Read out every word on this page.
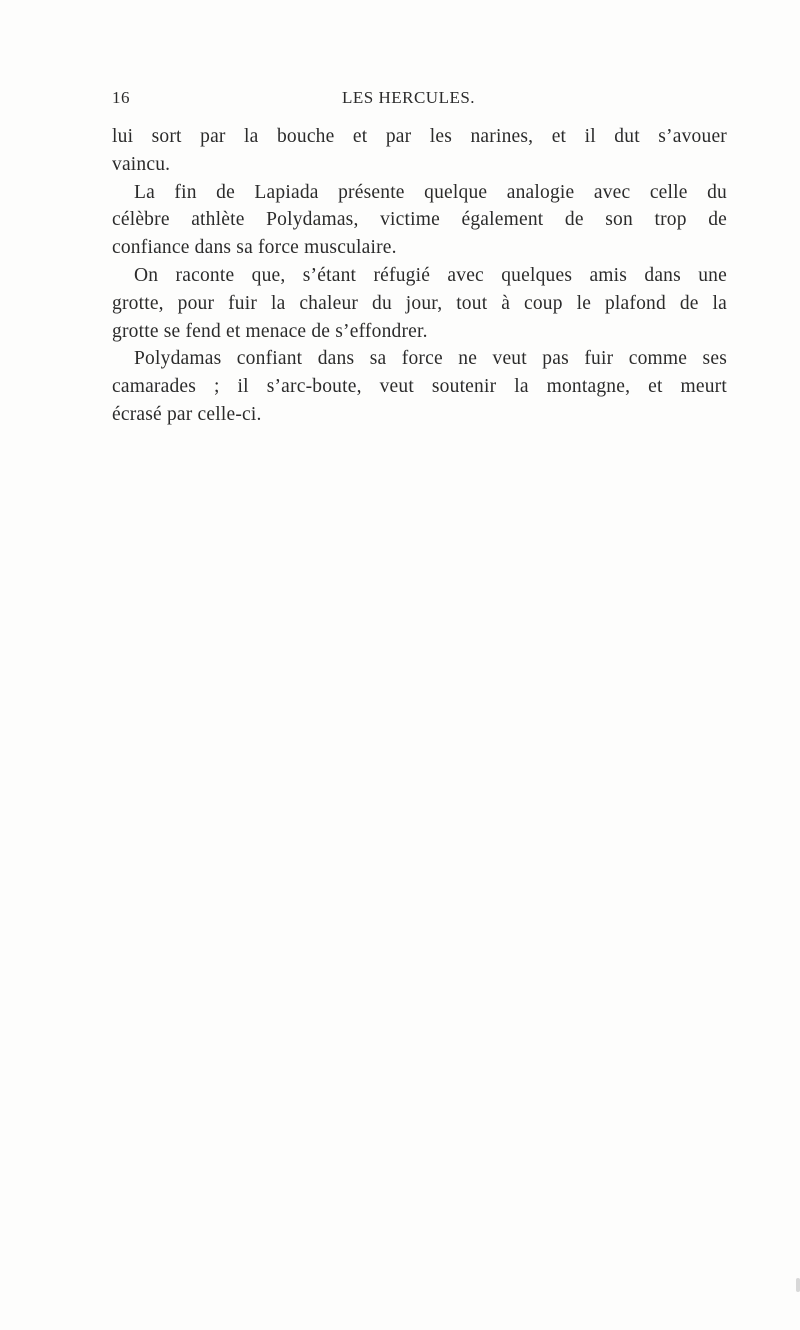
16	LES HERCULES.
lui sort par la bouche et par les narines, et il dut s’avouer
vaincu.
La fin de Lapiada présente quelque analogie avec celle du
célèbre athlète Polydamas, victime également de son trop de
confiance dans sa force musculaire.
On raconte que, s’étant réfugié avec quelques amis dans une
grotte, pour fuir la chaleur du jour, tout à coup le plafond de la
grotte se fend et menace de s’effondrer.
Polydamas confiant dans sa force ne veut pas fuir comme ses
camarades ; il s’arc-boute, veut soutenir la montagne, et meurt
écrasé par celle-ci.
